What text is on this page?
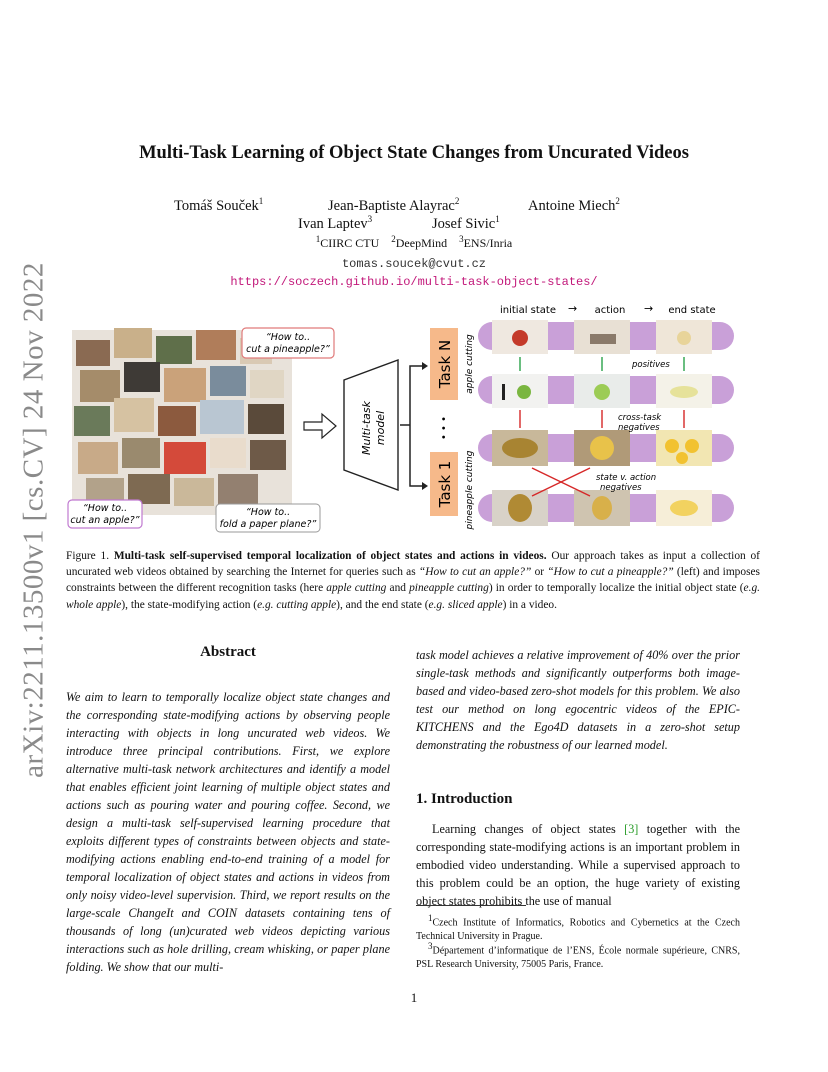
arXiv:2211.13500v1 [cs.CV] 24 Nov 2022
Multi-Task Learning of Object State Changes from Uncurated Videos
Tomáš Souček$^1$	Jean-Baptiste Alayrac$^2$	Antoine Miech$^2$
Ivan Laptev$^3$	Josef Sivic$^1$
$^1$CIIRC CTU $^2$DeepMind $^3$ENS/Inria
tomas.soucek@cvut.cz
https://soczech.github.io/multi-task-object-states/
“How to..
cut a pineapple?”
“How to..
cut an apple?”
“How to..
fold a paper plane?”
Multi-task model
Task N
• • •
Task 1
apple cutting
pineapple cutting
initial state → action → end state
positives
cross-task
negatives
state v. action
negatives
Figure 1. Multi-task self-supervised temporal localization of object states and actions in videos. Our approach takes as input a collection of uncurated web videos obtained by searching the Internet for queries such as “How to cut an apple?” or “How to cut a pineapple?” (left) and imposes constraints between the different recognition tasks (here apple cutting and pineapple cutting) in order to temporally localize the initial object state (e.g. whole apple), the state-modifying action (e.g. cutting apple), and the end state (e.g. sliced apple) in a video.
Abstract
We aim to learn to temporally localize object state changes and the corresponding state-modifying actions by observing people interacting with objects in long uncurated web videos. We introduce three principal contributions. First, we explore alternative multi-task network architectures and identify a model that enables efficient joint learning of multiple object states and actions such as pouring water and pouring coffee. Second, we design a multi-task self-supervised learning procedure that exploits different types of constraints between objects and state-modifying actions enabling end-to-end training of a model for temporal localization of object states and actions in videos from only noisy video-level supervision. Third, we report results on the large-scale ChangeIt and COIN datasets containing tens of thousands of long (un)curated web videos depicting various interactions such as hole drilling, cream whisking, or paper plane folding. We show that our multi-
task model achieves a relative improvement of 40% over the prior single-task methods and significantly outperforms both image-based and video-based zero-shot models for this problem. We also test our method on long egocentric videos of the EPIC-KITCHENS and the Ego4D datasets in a zero-shot setup demonstrating the robustness of our learned model.
1. Introduction
Learning changes of object states [3] together with the corresponding state-modifying actions is an important problem in embodied video understanding. While a supervised approach to this problem could be an option, the huge variety of existing object states prohibits the use of manual
$^1$Czech Institute of Informatics, Robotics and Cybernetics at the Czech Technical University in Prague.
$^3$Département d’informatique de l’ENS, École normale supérieure, CNRS, PSL Research University, 75005 Paris, France.
1
